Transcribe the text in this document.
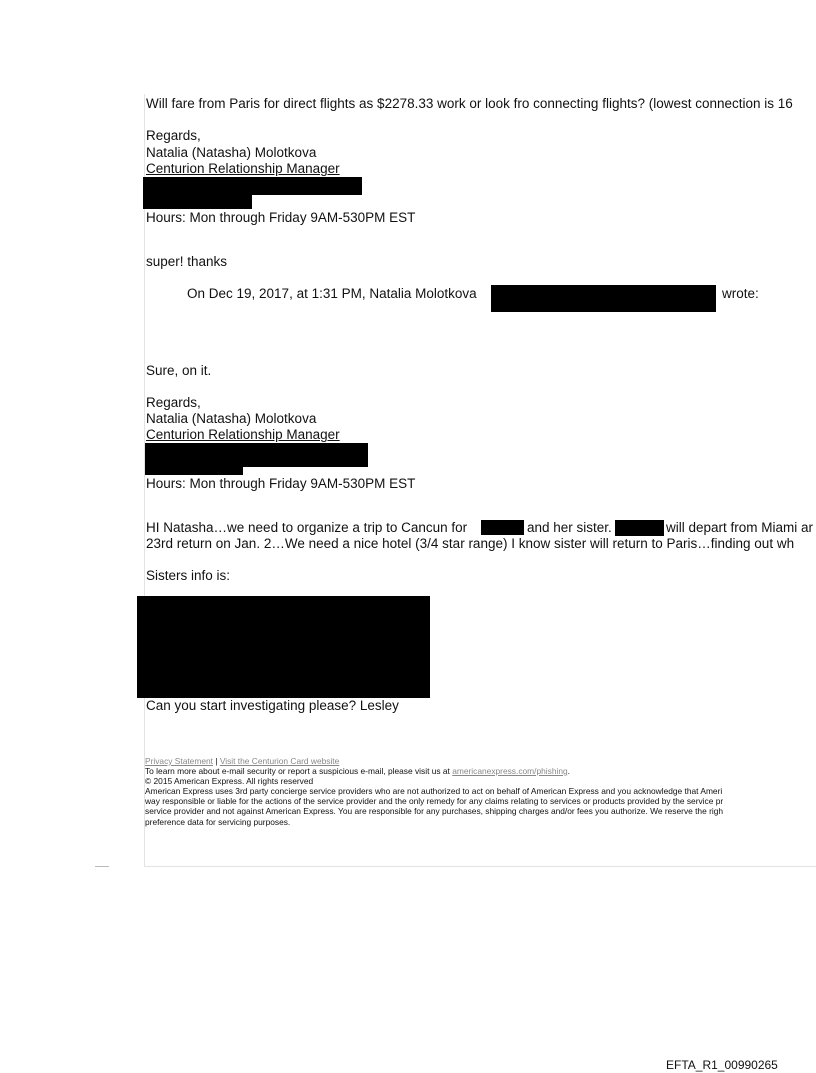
Will fare from Paris for direct flights as $2278.33 work or look fro connecting flights? (lowest connection is 16
Regards,
Natalia (Natasha) Molotkova
Centurion Relationship Manager
Hours: Mon through Friday 9AM-530PM EST
super! thanks
On Dec 19, 2017, at 1:31 PM, Natalia Molotkova	wrote:
Sure, on it.
Regards,
Natalia (Natasha) Molotkova
Centurion Relationship Manager
Hours: Mon through Friday 9AM-530PM EST
HI Natasha…we need to organize a trip to Cancun for	and her sister.	will depart from Miami ar
23rd return on Jan. 2…We need a nice hotel (3/4 star range) I know sister will return to Paris…finding out wh
Sisters info is:
Can you start investigating please? Lesley
Privacy Statement | Visit the Centurion Card website
To learn more about e-mail security or report a suspicious e-mail, please visit us at americanexpress.com/phishing.
© 2015 American Express. All rights reserved
American Express uses 3rd party concierge service providers who are not authorized to act on behalf of American Express and you acknowledge that Ameri
way responsible or liable for the actions of the service provider and the only remedy for any claims relating to services or products provided by the service pr
service provider and not against American Express. You are responsible for any purchases, shipping charges and/or fees you authorize. We reserve the righ
preference data for servicing purposes.
EFTA_R1_00990265
